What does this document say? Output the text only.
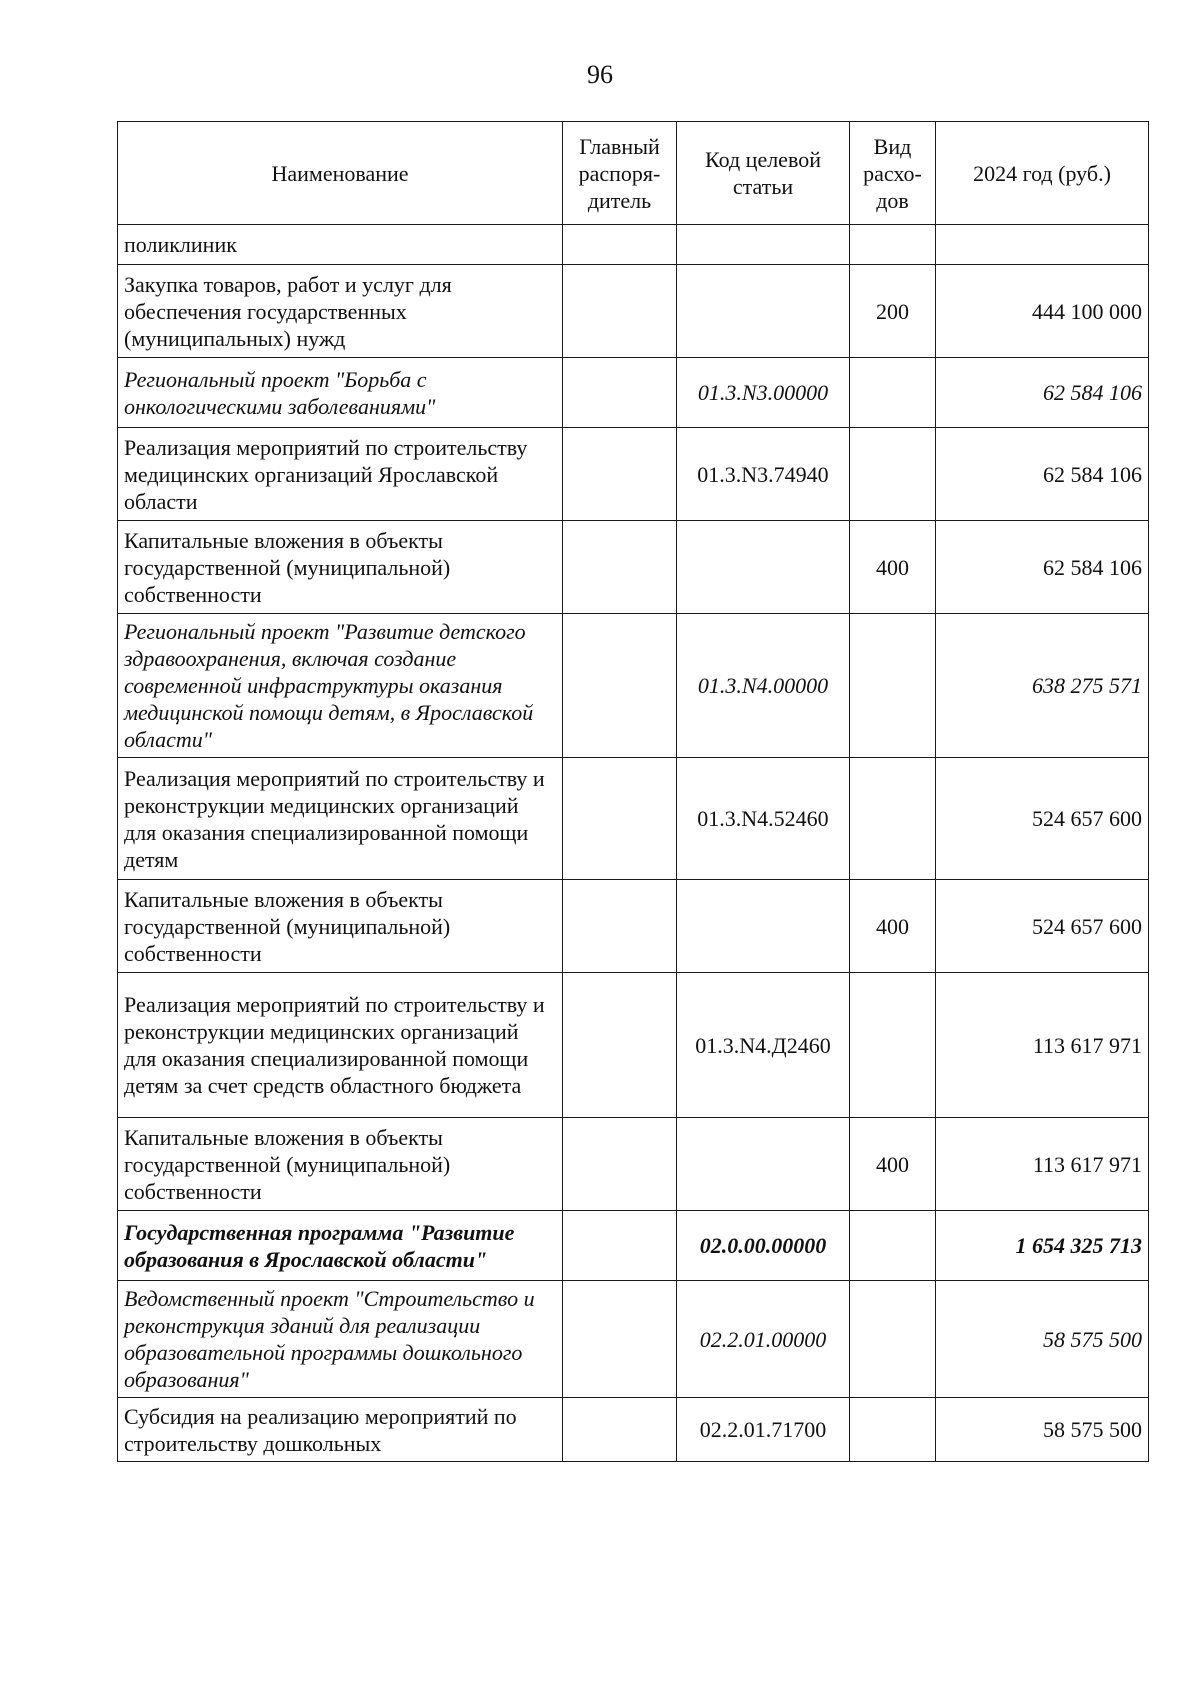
96
Наименование	Главный распоря-дитель	Код целевой статьи	Вид расхо-дов	2024 год (руб.)
поликлиник				
Закупка товаров, работ и услуг для обеспечения государственных (муниципальных) нужд			200	444 100 000
Региональный проект "Борьба с онкологическими заболеваниями"		01.3.N3.00000		62 584 106
Реализация мероприятий по строительству медицинских организаций Ярославской области		01.3.N3.74940		62 584 106
Капитальные вложения в объекты государственной (муниципальной) собственности			400	62 584 106
Региональный проект "Развитие детского здравоохранения, включая создание современной инфраструктуры оказания медицинской помощи детям, в Ярославской области"		01.3.N4.00000		638 275 571
Реализация мероприятий по строительству и реконструкции медицинских организаций для оказания специализированной помощи детям		01.3.N4.52460		524 657 600
Капитальные вложения в объекты государственной (муниципальной) собственности			400	524 657 600
Реализация мероприятий по строительству и реконструкции медицинских организаций для оказания специализированной помощи детям за счет средств областного бюджета		01.3.N4.Д2460		113 617 971
Капитальные вложения в объекты государственной (муниципальной) собственности			400	113 617 971
Государственная программа "Развитие образования в Ярославской области"		02.0.00.00000		1 654 325 713
Ведомственный проект "Строительство и реконструкция зданий для реализации образовательной программы дошкольного образования"		02.2.01.00000		58 575 500
Субсидия на реализацию мероприятий по строительству дошкольных		02.2.01.71700		58 575 500
